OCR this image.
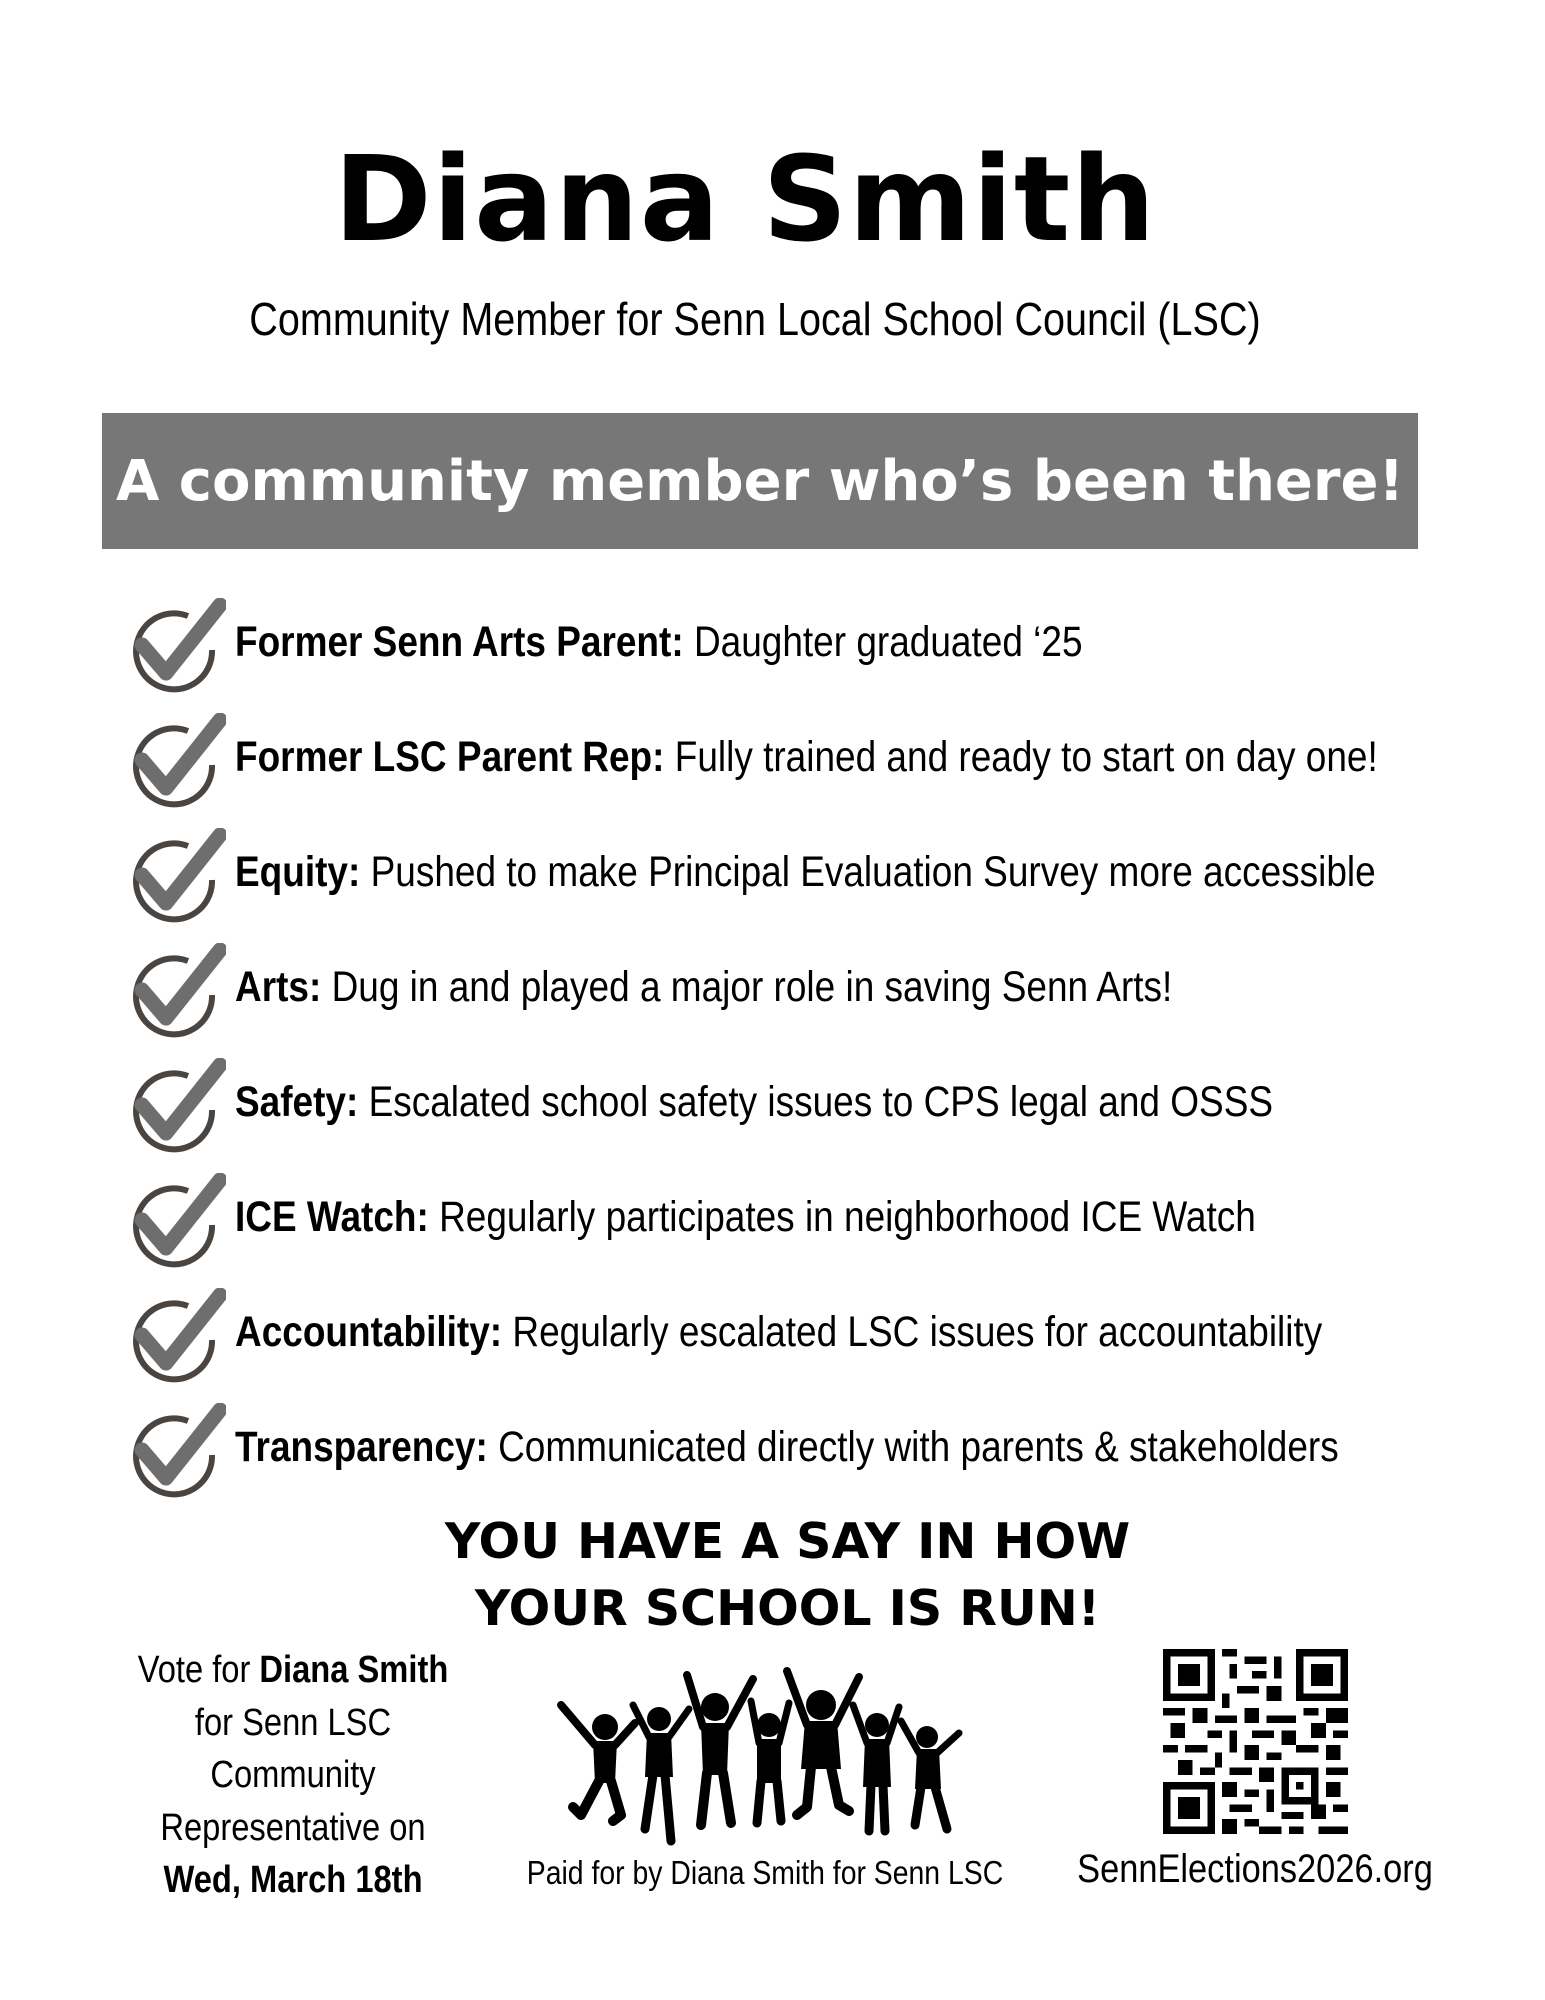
Diana Smith
Community Member for Senn Local School Council (LSC)
A community member who’s been there!
Former Senn Arts Parent: Daughter graduated ‘25
Former LSC Parent Rep: Fully trained and ready to start on day one!
Equity: Pushed to make Principal Evaluation Survey more accessible
Arts: Dug in and played a major role in saving Senn Arts!
Safety: Escalated school safety issues to CPS legal and OSSS
ICE Watch: Regularly participates in neighborhood ICE Watch
Accountability: Regularly escalated LSC issues for accountability
Transparency: Communicated directly with parents & stakeholders
YOU HAVE A SAY IN HOW
YOUR SCHOOL IS RUN!
Vote for Diana Smith
for Senn LSC
Community
Representative on
Wed, March 18th	Paid for by Diana Smith for Senn LSC	SennElections2026.org
